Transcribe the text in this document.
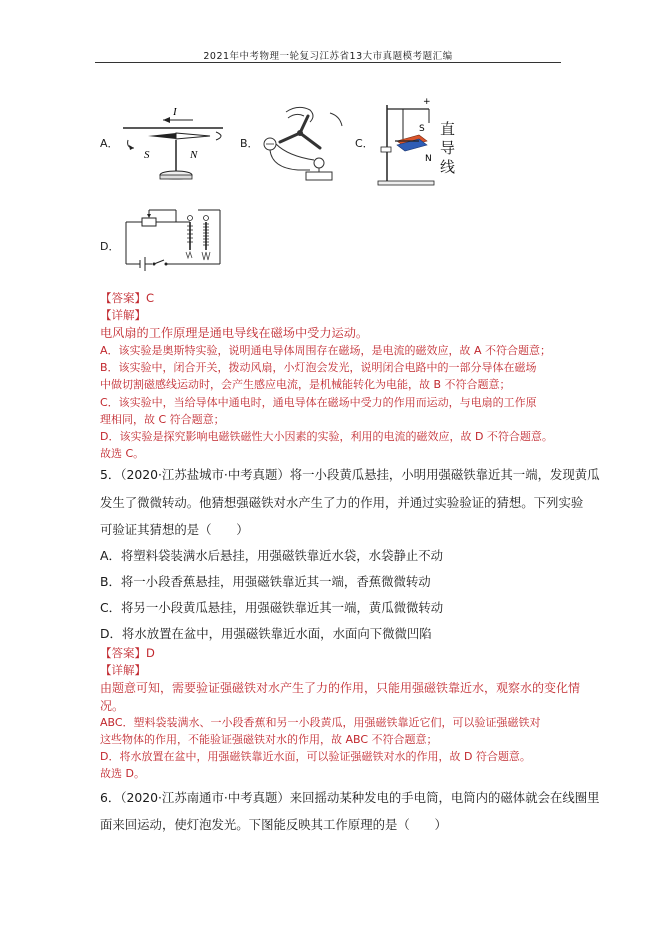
2021年中考物理一轮复习江苏省13大市真题模考题汇编
A．
I
S	N
B．	C．
+
S
N
直
导
线
D．
【答案】C
【详解】
电风扇的工作原理是通电导线在磁场中受力运动。
A．该实验是奥斯特实验，说明通电导体周围存在磁场，是电流的磁效应，故 A 不符合题意；
B．该实验中，闭合开关，拨动风扇，小灯泡会发光，说明闭合电路中的一部分导体在磁场
中做切割磁感线运动时，会产生感应电流，是机械能转化为电能，故 B 不符合题意；
C．该实验中，当给导体中通电时，通电导体在磁场中受力的作用而运动，与电扇的工作原
理相同，故 C 符合题意；
D．该实验是探究影响电磁铁磁性大小因素的实验，利用的电流的磁效应，故 D 不符合题意。
故选 C。
5．（2020·江苏盐城市·中考真题）将一小段黄瓜悬挂，小明用强磁铁靠近其一端，发现黄瓜
发生了微微转动。他猜想强磁铁对水产生了力的作用，并通过实验验证的猜想。下列实验
可验证其猜想的是（　　）
A．将塑料袋装满水后悬挂，用强磁铁靠近水袋，水袋静止不动
B．将一小段香蕉悬挂，用强磁铁靠近其一端，香蕉微微转动
C．将另一小段黄瓜悬挂，用强磁铁靠近其一端，黄瓜微微转动
D．将水放置在盆中，用强磁铁靠近水面，水面向下微微凹陷
【答案】D
【详解】
由题意可知，需要验证强磁铁对水产生了力的作用，只能用强磁铁靠近水，观察水的变化情
况。
ABC．塑料袋装满水、一小段香蕉和另一小段黄瓜，用强磁铁靠近它们，可以验证强磁铁对
这些物体的作用，不能验证强磁铁对水的作用，故 ABC 不符合题意；
D．将水放置在盆中，用强磁铁靠近水面，可以验证强磁铁对水的作用，故 D 符合题意。
故选 D。
6．（2020·江苏南通市·中考真题）来回摇动某种发电的手电筒，电筒内的磁体就会在线圈里
面来回运动，使灯泡发光。下图能反映其工作原理的是（　　）
